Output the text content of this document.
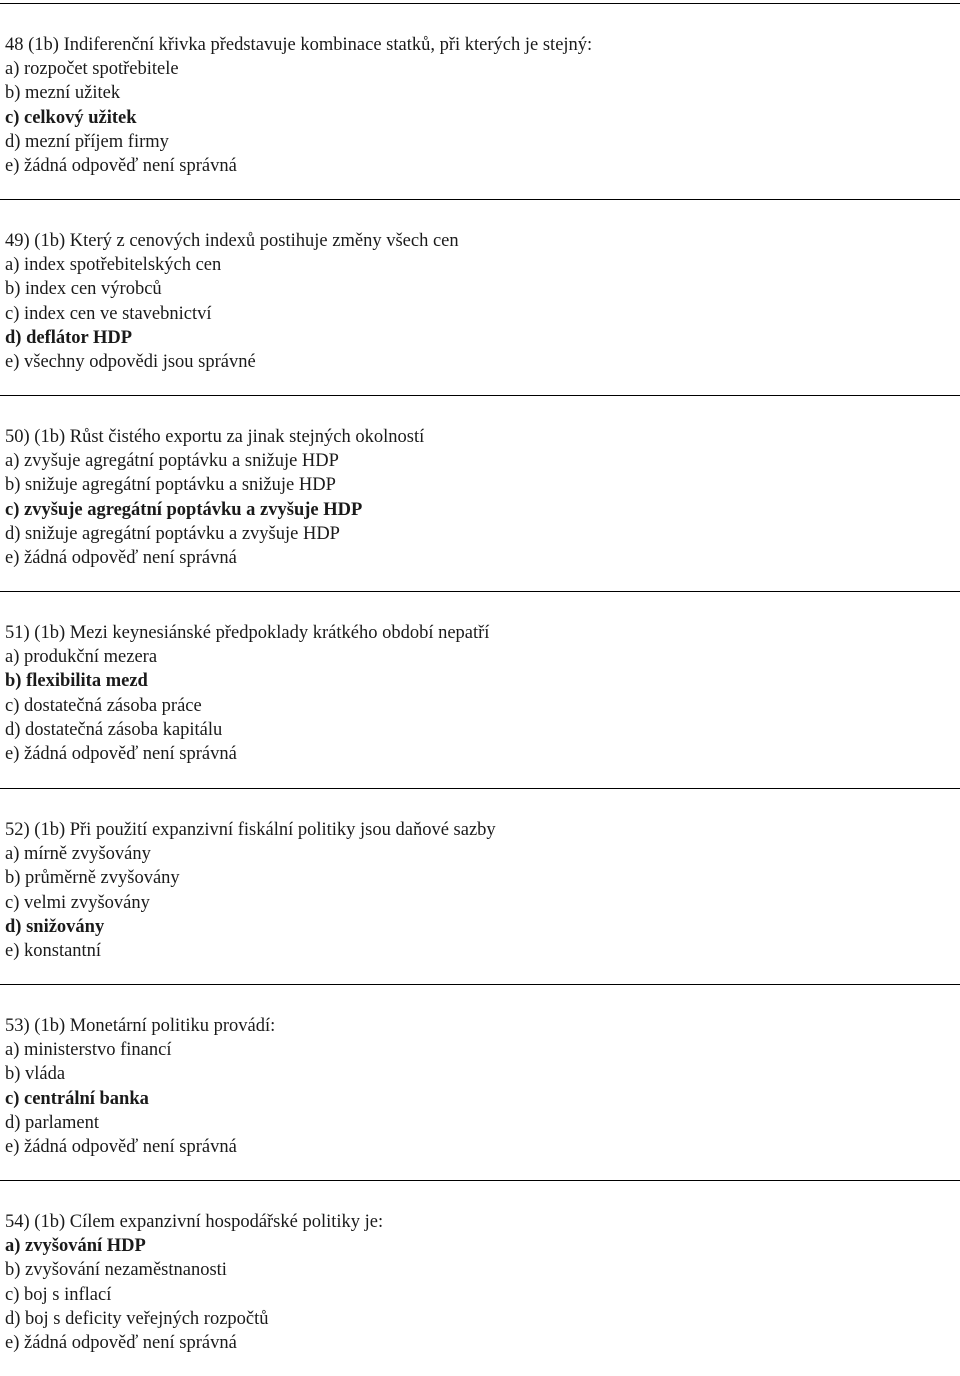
48 (1b) Indiferenční křivka představuje kombinace statků, při kterých je stejný:
a) rozpočet spotřebitele
b) mezní užitek
c) celkový užitek
d) mezní příjem firmy
e) žádná odpověď není správná
49) (1b) Který z cenových indexů postihuje změny všech cen
a) index spotřebitelských cen
b) index cen výrobců
c) index cen ve stavebnictví
d) deflátor HDP
e) všechny odpovědi jsou správné
50) (1b) Růst čistého exportu za jinak stejných okolností
a) zvyšuje agregátní poptávku a snižuje HDP
b) snižuje agregátní poptávku a snižuje HDP
c) zvyšuje agregátní poptávku a zvyšuje HDP
d) snižuje agregátní poptávku a zvyšuje HDP
e) žádná odpověď není správná
51) (1b) Mezi keynesiánské předpoklady krátkého období nepatří
a) produkční mezera
b) flexibilita mezd
c) dostatečná zásoba práce
d) dostatečná zásoba kapitálu
e) žádná odpověď není správná
52) (1b) Při použití expanzivní fiskální politiky jsou daňové sazby
a) mírně zvyšovány
b) průměrně zvyšovány
c) velmi zvyšovány
d) snižovány
e) konstantní
53) (1b) Monetární politiku provádí:
a) ministerstvo financí
b) vláda
c) centrální banka
d) parlament
e) žádná odpověď není správná
54) (1b) Cílem expanzivní hospodářské politiky je:
a) zvyšování HDP
b) zvyšování nezaměstnanosti
c) boj s inflací
d) boj s deficity veřejných rozpočtů
e) žádná odpověď není správná
